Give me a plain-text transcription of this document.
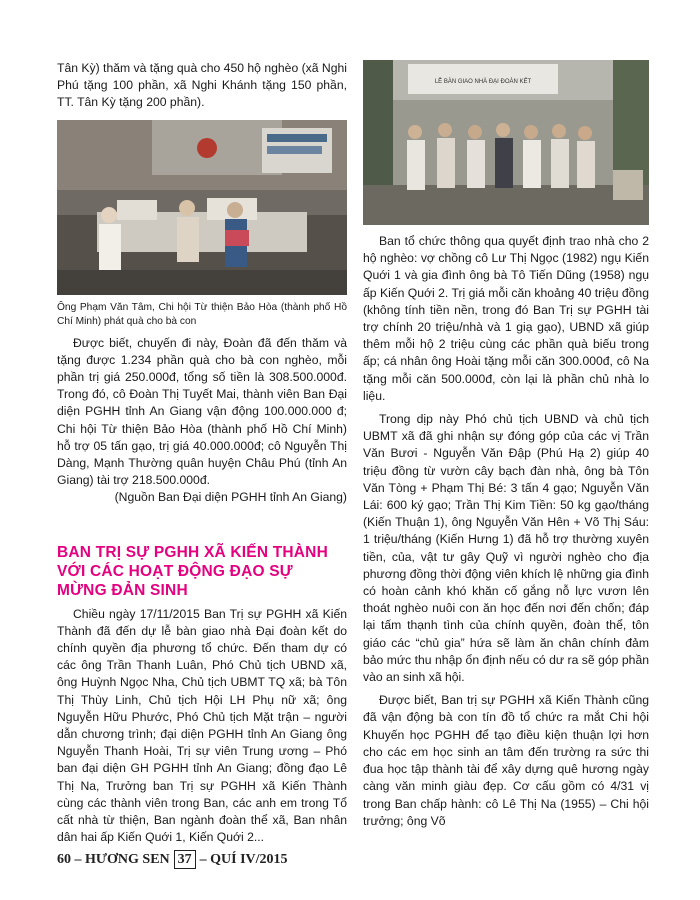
Tân Kỳ) thăm và tặng quà cho 450 hộ nghèo (xã Nghi Phú tặng 100 phần, xã Nghi Khánh tặng 150 phần, TT. Tân Kỳ tặng 200 phần).

Ông Phạm Văn Tâm, Chi hội Từ thiện Bảo Hòa (thành phố Hồ Chí Minh) phát quà cho bà con

Được biết, chuyến đi này, Đoàn đã đến thăm và tặng được 1.234 phần quà cho bà con nghèo, mỗi phần trị giá 250.000đ, tổng số tiền là 308.500.000đ. Trong đó, cô Đoàn Thị Tuyết Mai, thành viên Ban Đại diện PGHH tỉnh An Giang vận động 100.000.000 đ; Chi hội Từ thiện Bảo Hòa (thành phố Hồ Chí Minh) hỗ trợ 05 tấn gạo, trị giá 40.000.000đ; cô Nguyễn Thị Dàng, Mạnh Thường quân huyện Châu Phú (tỉnh An Giang) tài trợ 218.500.000đ.

(Nguồn Ban Đại diện PGHH tỉnh An Giang)

BAN TRỊ SỰ PGHH XÃ KIẾN THÀNH VỚI CÁC HOẠT ĐỘNG ĐẠO SỰ MỪNG ĐẢN SINH

Chiều ngày 17/11/2015 Ban Trị sự PGHH xã Kiến Thành đã đến dự lễ bàn giao nhà Đại đoàn kết do chính quyền địa phương tổ chức. Đến tham dự có các ông Trần Thanh Luân, Phó Chủ tịch UBND xã, ông Huỳnh Ngọc Nha, Chủ tịch UBMT TQ xã; bà Tôn Thị Thùy Linh, Chủ tịch Hội LH Phụ nữ xã; ông Nguyễn Hữu Phước, Phó Chủ tịch Mặt trận – người dẫn chương trình; đại diện PGHH tỉnh An Giang ông Nguyễn Thanh Hoài, Trị sự viên Trung ương – Phó ban đại diện GH PGHH tỉnh An Giang; đồng đạo Lê Thị Na, Trưởng ban Trị sự PGHH xã Kiến Thành cùng các thành viên trong Ban, các anh em trong Tổ cất nhà từ thiện, Ban ngành đoàn thể xã, Ban nhân dân hai ấp Kiến Quới 1, Kiến Quới 2...

LỄ BÀN GIAO NHÀ ĐẠI ĐOÀN KẾT

Ban tổ chức thông qua quyết định trao nhà cho 2 hộ nghèo: vợ chồng cô Lư Thị Ngọc (1982) ngụ Kiến Quới 1 và gia đình ông bà Tô Tiến Dũng (1958) ngụ ấp Kiến Quới 2. Trị giá mỗi căn khoảng 40 triệu đồng (không tính tiền nền, trong đó Ban Trị sự PGHH tài trợ chính 20 triệu/nhà và 1 giạ gạo), UBND xã giúp thêm mỗi hộ 2 triệu cùng các phần quà biếu trong ấp; cá nhân ông Hoài tặng mỗi căn 300.000đ, cô Na tặng mỗi căn 500.000đ, còn lại là phần chủ nhà lo liệu.

Trong dịp này Phó chủ tịch UBND và chủ tịch UBMT xã đã ghi nhận sự đóng góp của các vị Trần Văn Bươi - Nguyễn Văn Đập (Phú Hạ 2) giúp 40 triệu đồng từ vườn cây bạch đàn nhà, ông bà Tôn Văn Tòng + Phạm Thị Bé: 3 tấn 4 gạo; Nguyễn Văn Lái: 600 ký gạo; Trần Thị Kim Tiền: 50 kg gạo/tháng (Kiến Thuận 1), ông Nguyễn Văn Hên + Võ Thị Sáu: 1 triệu/tháng (Kiến Hưng 1) đã hỗ trợ thường xuyên tiền, của, vật tư gây Quỹ vì người nghèo cho địa phương đồng thời động viên khích lệ những gia đình có hoàn cảnh khó khăn cố gắng nỗ lực vươn lên thoát nghèo nuôi con ăn học đến nơi đến chốn; đáp lại tấm thạnh tình của chính quyền, đoàn thể, tôn giáo các “chủ gia” hứa sẽ làm ăn chân chính đảm bảo mức thu nhập ổn định nếu có dư ra sẽ góp phần vào an sinh xã hội.

Được biết, Ban trị sự PGHH xã Kiến Thành cũng đã vận động bà con tín đồ tổ chức ra mắt Chi hội Khuyến học PGHH để tạo điều kiện thuận lợi hơn cho các em học sinh an tâm đến trường ra sức thi đua học tập thành tài để xây dựng quê hương ngày càng văn minh giàu đẹp. Cơ cấu gồm có 4/31 vị trong Ban chấp hành: cô Lê Thị Na (1955) – Chi hội trưởng; ông Võ

60 – HƯƠNG SEN 37 – QUÍ IV/2015
